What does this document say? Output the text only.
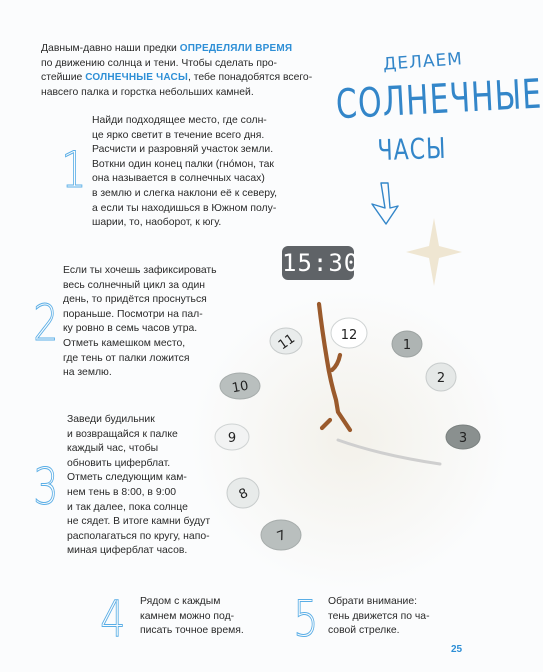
Давным-давно наши предки ОПРЕДЕЛЯЛИ ВРЕМЯ
по движению солнца и тени. Чтобы сделать про-
стейшие СОЛНЕЧНЫЕ ЧАСЫ, тебе понадобятся всего-
навсего палка и горстка небольших камней.

ДЕЛАЕМ
СОЛНЕЧНЫЕ
ЧАСЫ
1

Найди подходящее место, где солн-
це ярко светит в течение всего дня.
Расчисти и разровняй участок земли.
Воткни один конец палки (гно́мон, так
она называется в солнечных часах)
в землю и слегка наклони её к северу,
а если ты находишься в Южном полу-
шарии, то, наоборот, к югу.

2

Если ты хочешь зафиксировать
весь солнечный цикл за один
день, то придётся проснуться
пораньше. Посмотри на пал-
ку ровно в семь часов утра.
Отметь камешком место,
где тень от палки ложится
на землю.

3

Заведи будильник
и возвращайся к палке
каждый час, чтобы
обновить циферблат.
Отметь следующим кам-
нем тень в 8:00, в 9:00
и так далее, пока солнце
не сядет. В итоге камни будут
располагаться по кругу, напо-
миная циферблат часов.

4 Рядом с каждым
камнем можно под-
писать точное время. 5 Обрати внимание:
тень движется по ча-
совой стрелке.

11	12
1
2
3
10
9
8
7
15:30
25
